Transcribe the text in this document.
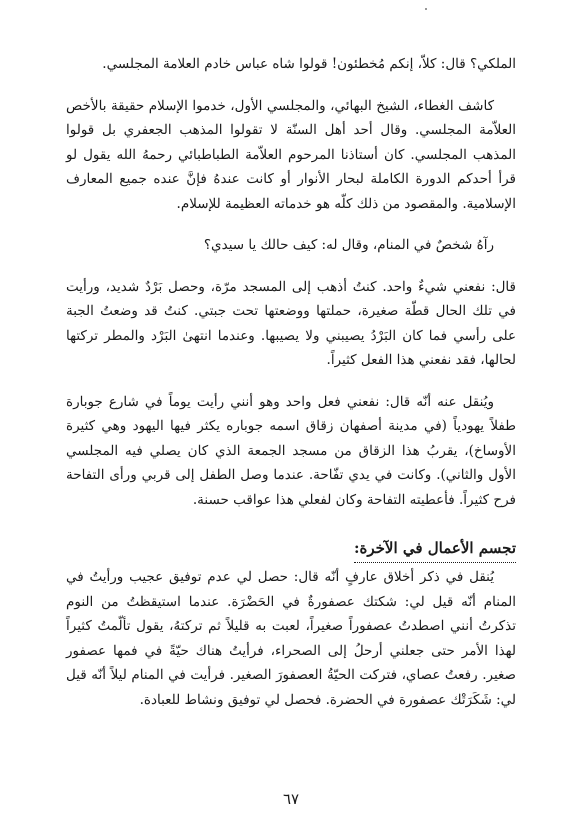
الملكي؟ قال: كلاّ، إنكم مُخطئون! قولوا شاه عباس خادم العلامة المجلسي.

كاشف الغطاء، الشيخ البهائي، والمجلسي الأول، خدموا الإسلام حقيقة بالأخص العلاّمة المجلسي. وقال أحد أهل السنّة لا تقولوا المذهب الجعفري بل قولوا المذهب المجلسي. كان أستاذنا المرحوم العلاّمة الطباطبائي رحمهُ الله يقول لو قرأ أحدكم الدورة الكاملة لبحار الأنوار أو كانت عندهُ فإنَّ عنده جميع المعارف الإسلامية. والمقصود من ذلك كلّه هو خدماته العظيمة للإسلام.

رآهُ شخصٌ في المنام، وقال له: كيف حالك يا سيدي؟

قال: نفعني شيءٌ واحد. كنتُ أذهب إلى المسجد مرّة، وحصل بَرْدٌ شديد، ورأيت في تلك الحال قطّة صغيرة، حملتها ووضعتها تحت جبتي. كنتُ قد وضعتُ الجبة على رأسي فما كان البَرْدُ يصيبني ولا يصيبها. وعندما انتهىٰ البَرْد والمطر تركتها لحالها، فقد نفعني هذا الفعل كثيراً.

ويُنقل عنه أنّه قال: نفعني فعل واحد وهو أنني رأيت يوماً في شارع جوبارة طفلاً يهودياً (في مدينة أصفهان زقاق اسمه جوباره يكثر فيها اليهود وهي كثيرة الأوساخ)، يقربُ هذا الزقاق من مسجد الجمعة الذي كان يصلي فيه المجلسي الأول والثاني). وكانت في يدي تفّاحة. عندما وصل الطفل إلى قربي ورأى التفاحة فرح كثيراً. فأعطيته التفاحة وكان لفعلي هذا عواقب حسنة.

تجسم الأعمال في الآخرة:

يُنقل في ذكر أخلاق عارفٍ أنّه قال: حصل لي عدم توفيق عجيب ورأيتُ في المنام أنّه قيل لي: شكتك عصفورةٌ في الحَضْرَة. عندما استيقظتُ من النوم تذكرتُ أنني اصطدتُ عصفوراً صغيراً، لعبت به قليلاً ثم تركتهُ، يقول تألّمتُ كثيراً لهذا الأمر حتى جعلني أرحلُ إلى الصحراء، فرأيتُ هناك حيّةً في فمها عصفور صغير. رفعتُ عصاي، فتركت الحيّةُ العصفورَ الصغير. فرأيت في المنام ليلاً أنّه قيل لي: شَكَرَتْك عصفورة في الحضرة. فحصل لي توفيق ونشاط للعبادة.

٦٧
